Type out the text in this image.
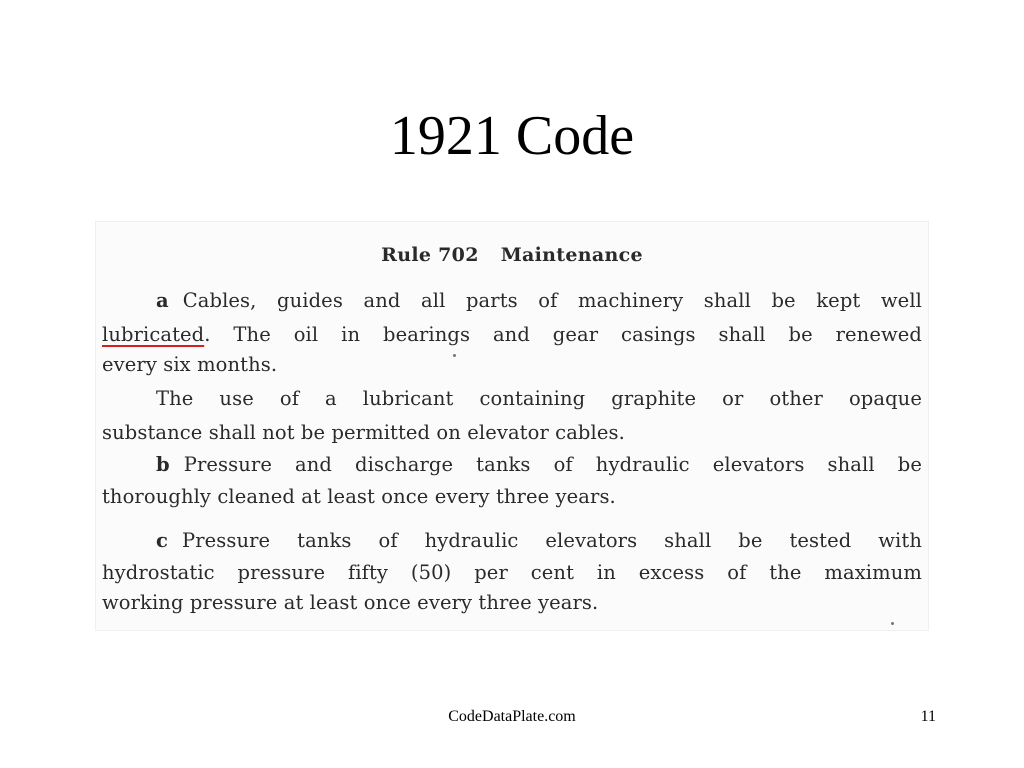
1921 Code
Rule 702 Maintenance
a Cables, guides and all parts of machinery shall be kept well
lubricated. The oil in bearings and gear casings shall be renewed
every six months.
The use of a lubricant containing graphite or other opaque
substance shall not be permitted on elevator cables.
b Pressure and discharge tanks of hydraulic elevators shall be
thoroughly cleaned at least once every three years.
c Pressure tanks of hydraulic elevators shall be tested with
hydrostatic pressure fifty (50) per cent in excess of the maximum
working pressure at least once every three years.
CodeDataPlate.com	11
